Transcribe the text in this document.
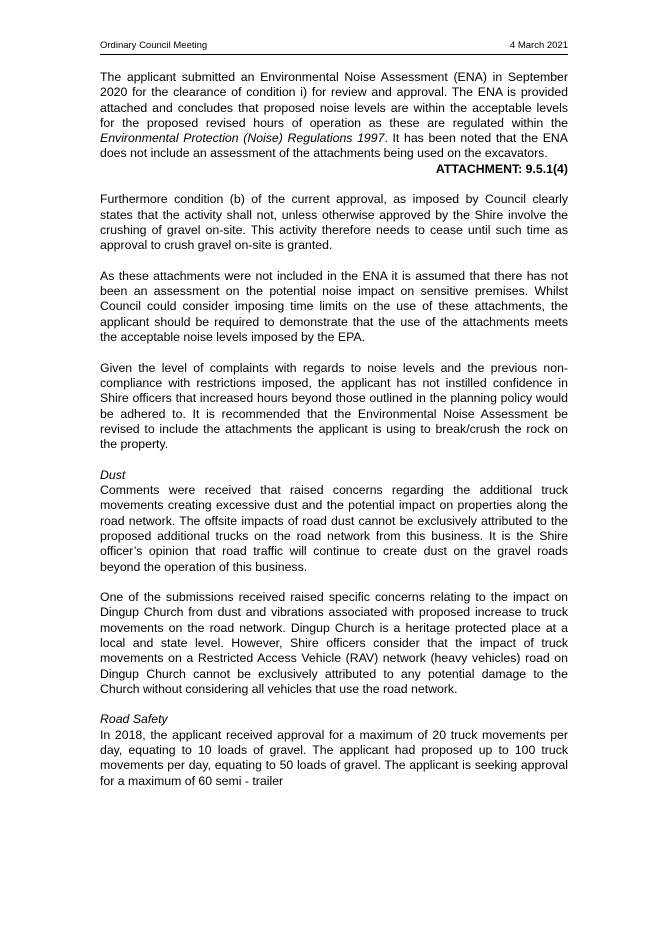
Ordinary Council Meeting	4 March 2021

The applicant submitted an Environmental Noise Assessment (ENA) in September 2020 for the clearance of condition i) for review and approval. The ENA is provided attached and concludes that proposed noise levels are within the acceptable levels for the proposed revised hours of operation as these are regulated within the Environmental Protection (Noise) Regulations 1997. It has been noted that the ENA does not include an assessment of the attachments being used on the excavators.

ATTACHMENT: 9.5.1(4)

Furthermore condition (b) of the current approval, as imposed by Council clearly states that the activity shall not, unless otherwise approved by the Shire involve the crushing of gravel on-site. This activity therefore needs to cease until such time as approval to crush gravel on-site is granted.

As these attachments were not included in the ENA it is assumed that there has not been an assessment on the potential noise impact on sensitive premises. Whilst Council could consider imposing time limits on the use of these attachments, the applicant should be required to demonstrate that the use of the attachments meets the acceptable noise levels imposed by the EPA.

Given the level of complaints with regards to noise levels and the previous non-compliance with restrictions imposed, the applicant has not instilled confidence in Shire officers that increased hours beyond those outlined in the planning policy would be adhered to. It is recommended that the Environmental Noise Assessment be revised to include the attachments the applicant is using to break/crush the rock on the property.

Dust

Comments were received that raised concerns regarding the additional truck movements creating excessive dust and the potential impact on properties along the road network. The offsite impacts of road dust cannot be exclusively attributed to the proposed additional trucks on the road network from this business. It is the Shire officer’s opinion that road traffic will continue to create dust on the gravel roads beyond the operation of this business.

One of the submissions received raised specific concerns relating to the impact on Dingup Church from dust and vibrations associated with proposed increase to truck movements on the road network. Dingup Church is a heritage protected place at a local and state level. However, Shire officers consider that the impact of truck movements on a Restricted Access Vehicle (RAV) network (heavy vehicles) road on Dingup Church cannot be exclusively attributed to any potential damage to the Church without considering all vehicles that use the road network.

Road Safety

In 2018, the applicant received approval for a maximum of 20 truck movements per day, equating to 10 loads of gravel. The applicant had proposed up to 100 truck movements per day, equating to 50 loads of gravel. The applicant is seeking approval for a maximum of 60 semi - trailer
